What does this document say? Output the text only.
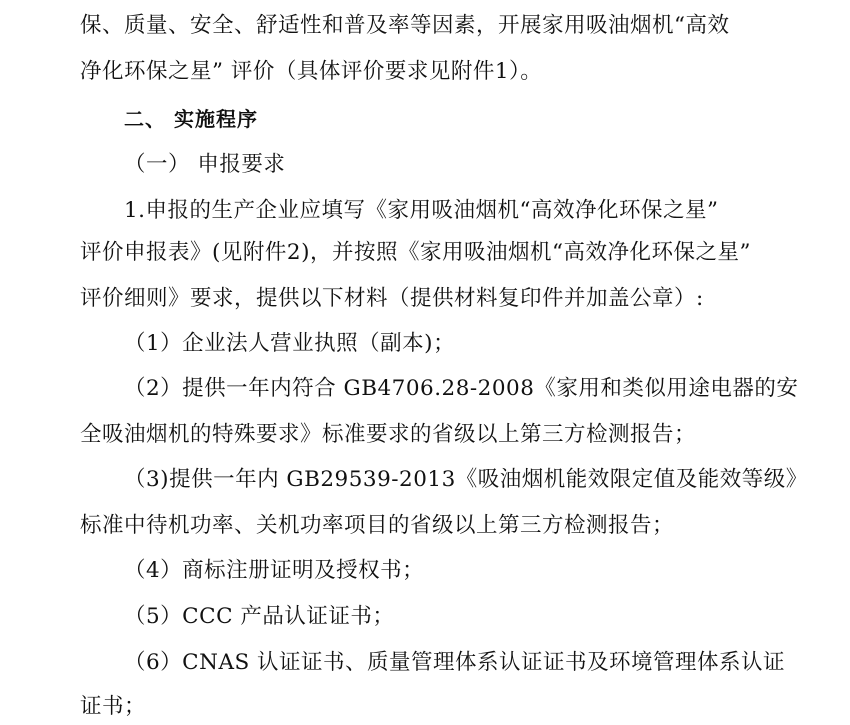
保、质量、安全、舒适性和普及率等因素，开展家用吸油烟机“高效
净化环保之星” 评价（具体评价要求见附件1）。
二、 实施程序
（一） 申报要求
1.申报的生产企业应填写《家用吸油烟机“高效净化环保之星”
评价申报表》(见附件2)，并按照《家用吸油烟机“高效净化环保之星”
评价细则》要求，提供以下材料（提供材料复印件并加盖公章）:
（1）企业法人营业执照（副本)；
（2）提供一年内符合 GB4706.28-2008《家用和类似用途电器的安
全吸油烟机的特殊要求》标准要求的省级以上第三方检测报告；
（3)提供一年内 GB29539-2013《吸油烟机能效限定值及能效等级》
标准中待机功率、关机功率项目的省级以上第三方检测报告；
（4）商标注册证明及授权书；
（5）CCC 产品认证证书；
（6）CNAS 认证证书、质量管理体系认证证书及环境管理体系认证
证书；
